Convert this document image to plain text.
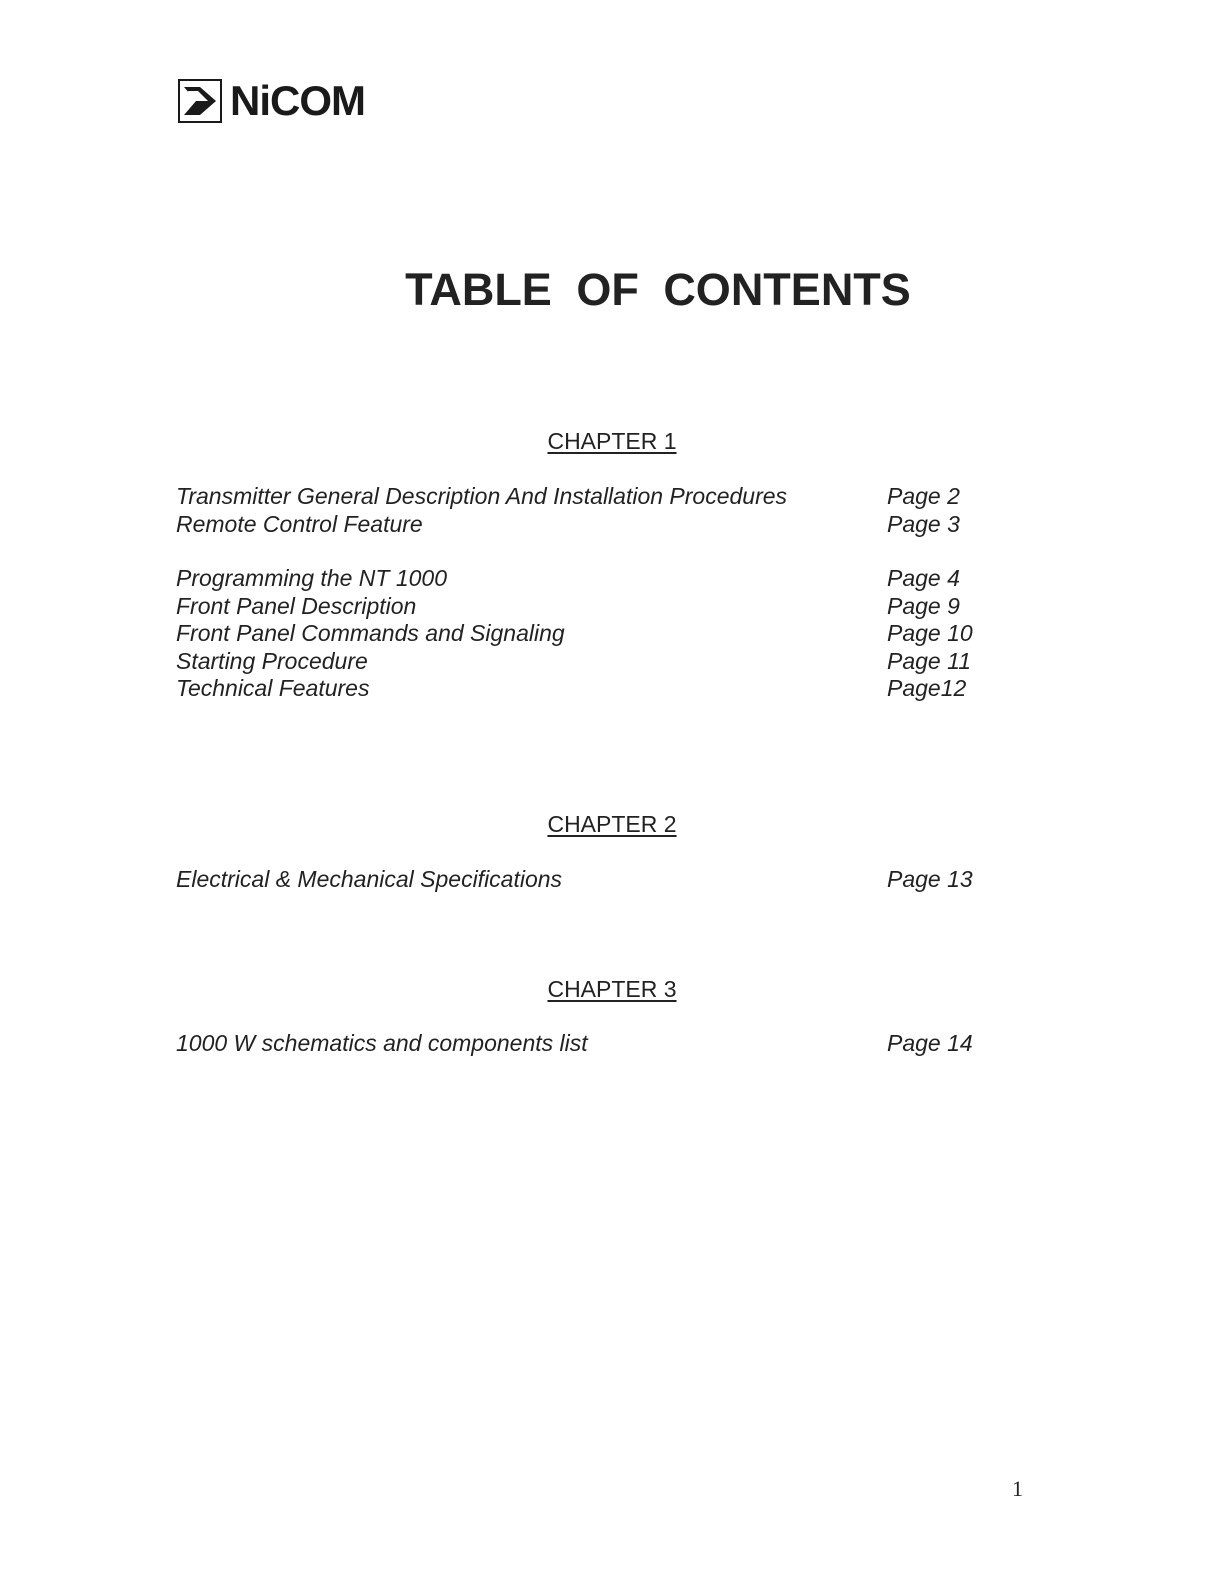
NiCOM
TABLE OF CONTENTS
CHAPTER 1
Transmitter General Description And Installation Procedures	Page 2
Remote Control Feature	Page 3
Programming the NT 1000	Page 4
Front Panel Description	Page 9
Front Panel Commands and Signaling	Page 10
Starting Procedure	Page 11
Technical Features	Page12
CHAPTER 2
Electrical & Mechanical Specifications	Page 13
CHAPTER 3
1000 W schematics and components list	Page 14
1
